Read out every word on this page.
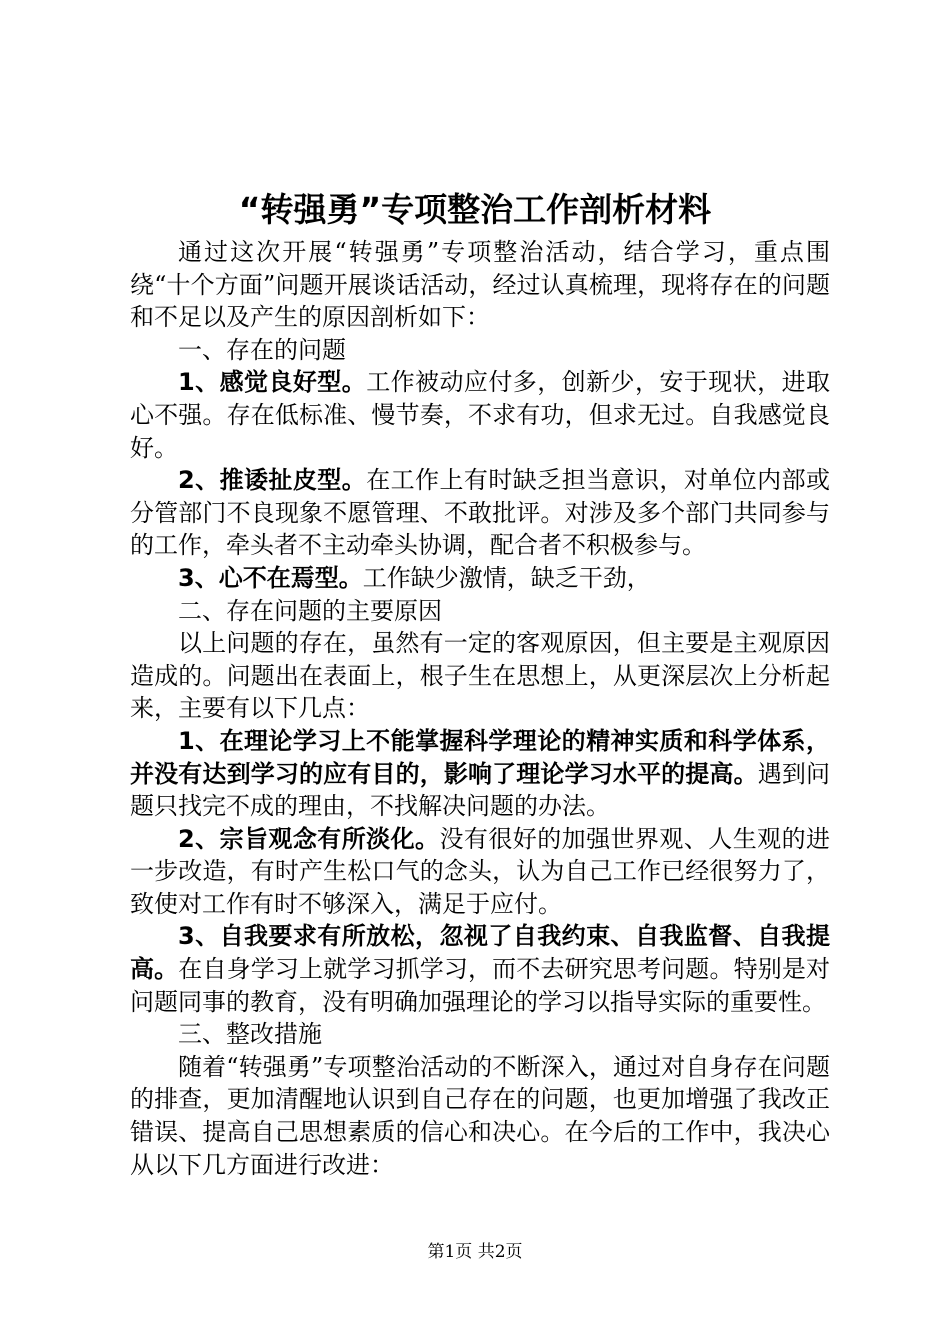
“转强勇”专项整治工作剖析材料

通过这次开展“转强勇”专项整治活动，结合学习，重点围绕“十个方面”问题开展谈话活动，经过认真梳理，现将存在的问题和不足以及产生的原因剖析如下：

一、存在的问题

1、感觉良好型。工作被动应付多，创新少，安于现状，进取心不强。存在低标准、慢节奏，不求有功，但求无过。自我感觉良好。

2、推诿扯皮型。在工作上有时缺乏担当意识，对单位内部或分管部门不良现象不愿管理、不敢批评。对涉及多个部门共同参与的工作，牵头者不主动牵头协调，配合者不积极参与。

3、心不在焉型。工作缺少激情，缺乏干劲，

二、存在问题的主要原因

以上问题的存在，虽然有一定的客观原因，但主要是主观原因造成的。问题出在表面上，根子生在思想上，从更深层次上分析起来，主要有以下几点：

1、在理论学习上不能掌握科学理论的精神实质和科学体系，并没有达到学习的应有目的，影响了理论学习水平的提高。遇到问题只找完不成的理由，不找解决问题的办法。

2、宗旨观念有所淡化。没有很好的加强世界观、人生观的进一步改造，有时产生松口气的念头，认为自己工作已经很努力了，致使对工作有时不够深入，满足于应付。

3、自我要求有所放松，忽视了自我约束、自我监督、自我提高。在自身学习上就学习抓学习，而不去研究思考问题。特别是对问题同事的教育，没有明确加强理论的学习以指导实际的重要性。

三、整改措施

随着“转强勇”专项整治活动的不断深入，通过对自身存在问题的排查，更加清醒地认识到自己存在的问题，也更加增强了我改正错误、提高自己思想素质的信心和决心。在今后的工作中，我决心从以下几方面进行改进：

第1页 共2页
